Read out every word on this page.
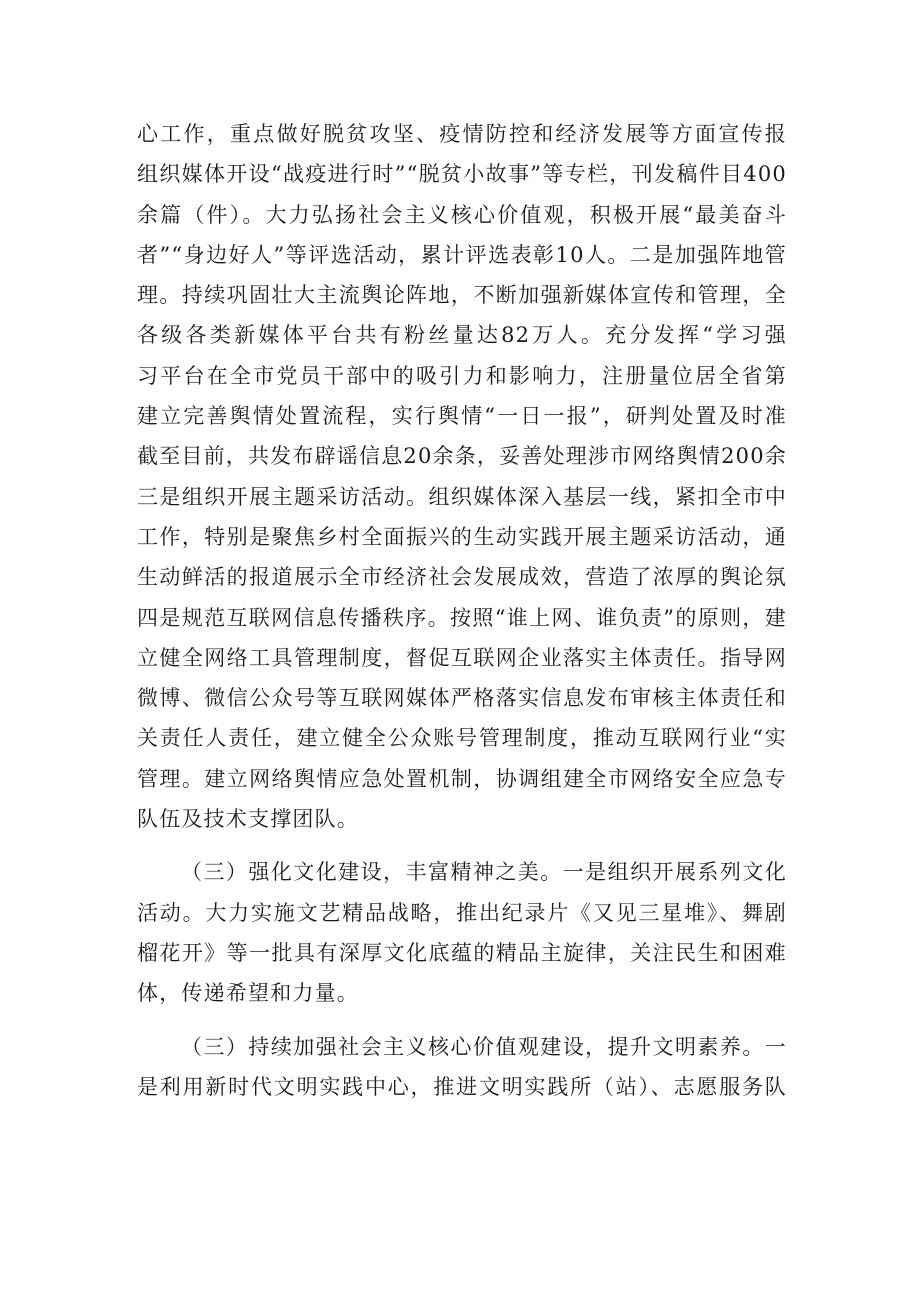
心工作，重点做好脱贫攻坚、疫情防控和经济发展等方面宣传报
组织媒体开设“战疫进行时”“脱贫小故事”等专栏，刊发稿件目400
余篇（件）。大力弘扬社会主义核心价值观，积极开展“最美奋斗
者”“身边好人”等评选活动，累计评选表彰10人。二是加强阵地管
理。持续巩固壮大主流舆论阵地，不断加强新媒体宣传和管理，全
各级各类新媒体平台共有粉丝量达82万人。充分发挥“学习强
习平台在全市党员干部中的吸引力和影响力，注册量位居全省第
建立完善舆情处置流程，实行舆情“一日一报”，研判处置及时准
截至目前，共发布辟谣信息20余条，妥善处理涉市网络舆情200余
三是组织开展主题采访活动。组织媒体深入基层一线，紧扣全市中
工作，特别是聚焦乡村全面振兴的生动实践开展主题采访活动，通
生动鲜活的报道展示全市经济社会发展成效，营造了浓厚的舆论氛
四是规范互联网信息传播秩序。按照“谁上网、谁负责”的原则，建
立健全网络工具管理制度，督促互联网企业落实主体责任。指导网
微博、微信公众号等互联网媒体严格落实信息发布审核主体责任和
关责任人责任，建立健全公众账号管理制度，推动互联网行业“实
管理。建立网络舆情应急处置机制，协调组建全市网络安全应急专
队伍及技术支撑团队。
（三）强化文化建设，丰富精神之美。一是组织开展系列文化
活动。大力实施文艺精品战略，推出纪录片《又见三星堆》、舞剧
榴花开》等一批具有深厚文化底蕴的精品主旋律，关注民生和困难
体，传递希望和力量。
（三）持续加强社会主义核心价值观建设，提升文明素养。一
是利用新时代文明实践中心，推进文明实践所（站）、志愿服务队
